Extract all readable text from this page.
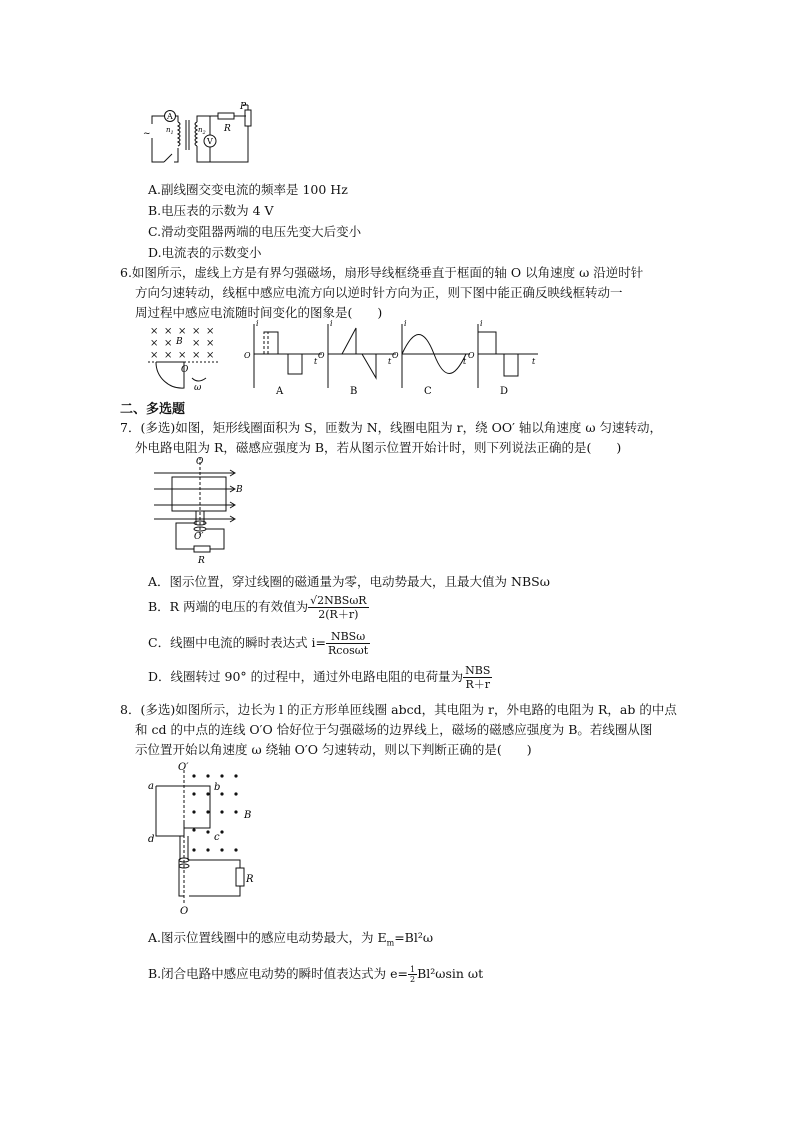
P
R
A
V
$n_1$	$n_2$
~
A.副线圈交变电流的频率是 100 Hz
B.电压表的示数为 4 V
C.滑动变阻器两端的电压先变大后变小
D.电流表的示数变小
6.如图所示，虚线上方是有界匀强磁场，扇形导线框绕垂直于框面的轴 O 以角速度 ω 沿逆时针
方向匀速转动，线框中感应电流方向以逆时针方向为正，则下图中能正确反映线框转动一
周过程中感应电流随时间变化的图象是(　　)
× × × × ×
× × × ×
× × × × ×
B
O
ω
i
O
t
i
O
t
i
O
t
i
O
t
A	B	C	D
二、多选题
7．(多选)如图，矩形线圈面积为 S，匝数为 N，线圈电阻为 r，绕 OO′ 轴以角速度 ω 匀速转动，
外电路电阻为 R，磁感应强度为 B，若从图示位置开始计时，则下列说法正确的是(　　)
O
B
O′
R
A．图示位置，穿过线圈的磁通量为零，电动势最大，且最大值为 NBSω
B．R 两端的电压的有效值为 $\frac{\text{√2NBSωR}}{2(R+r)}$
C．线圈中电流的瞬时表达式 $i= \frac{\text{NBSω}}{Rcos\omega t}$
D．线圈转过 90° 的过程中，通过外电路电阻的电荷量为 $\frac{\text{NBS}}{R+r}$
8．(多选)如图所示，边长为 l 的正方形单匝线圈 abcd，其电阻为 r，外电路的电阻为 R，ab 的中点
和 cd 的中点的连线 O′O 恰好位于匀强磁场的边界线上，磁场的磁感应强度为 B。若线圈从图
示位置开始以角速度 ω 绕轴 O′O 匀速转动，则以下判断正确的是(　　)
O′
a	b
B
c
d
R
O
A.图示位置线圈中的感应电动势最大，为 $E_m=Bl^2\omega$
B.闭合电路中感应电动势的瞬时值表达式为 $e= \frac{1}{2} Bl^2\omega\sin$ ωt
